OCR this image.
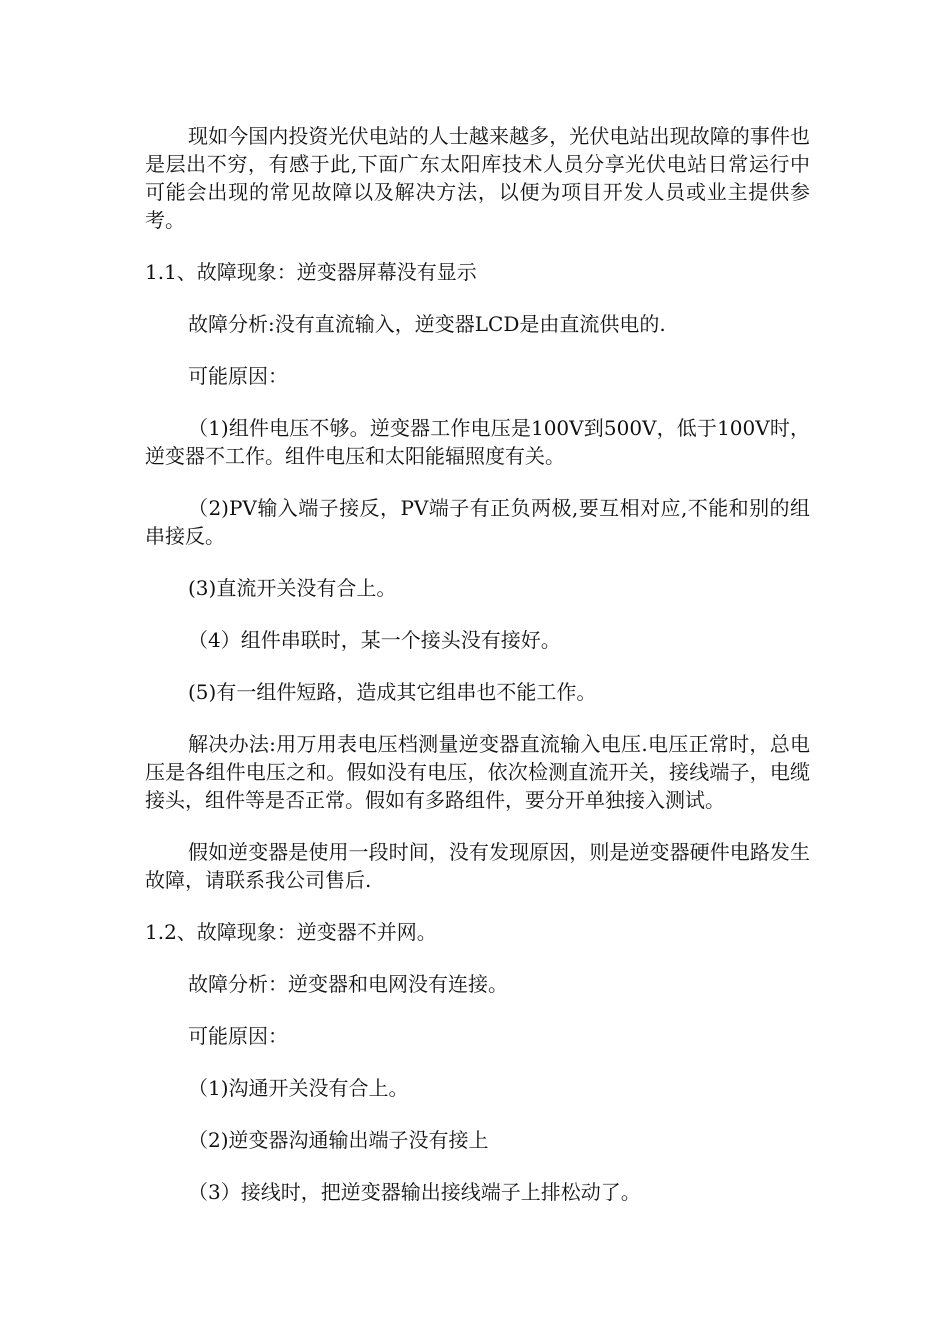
现如今国内投资光伏电站的人士越来越多，光伏电站出现故障的事件也是层出不穷，有感于此,下面广东太阳库技术人员分享光伏电站日常运行中可能会出现的常见故障以及解决方法，以便为项目开发人员或业主提供参考。

1.1、故障现象：逆变器屏幕没有显示

故障分析:没有直流输入，逆变器LCD是由直流供电的.

可能原因：

（1)组件电压不够。逆变器工作电压是100V到500V，低于100V时，逆变器不工作。组件电压和太阳能辐照度有关。

（2)PV输入端子接反，PV端子有正负两极,要互相对应,不能和别的组串接反。

(3)直流开关没有合上。

（4）组件串联时，某一个接头没有接好。

(5)有一组件短路，造成其它组串也不能工作。

解决办法:用万用表电压档测量逆变器直流输入电压.电压正常时，总电压是各组件电压之和。假如没有电压，依次检测直流开关，接线端子，电缆接头，组件等是否正常。假如有多路组件，要分开单独接入测试。

假如逆变器是使用一段时间，没有发现原因，则是逆变器硬件电路发生故障，请联系我公司售后.

1.2、故障现象：逆变器不并网。

故障分析：逆变器和电网没有连接。

可能原因：

（1)沟通开关没有合上。

（2)逆变器沟通输出端子没有接上

（3）接线时，把逆变器输出接线端子上排松动了。
